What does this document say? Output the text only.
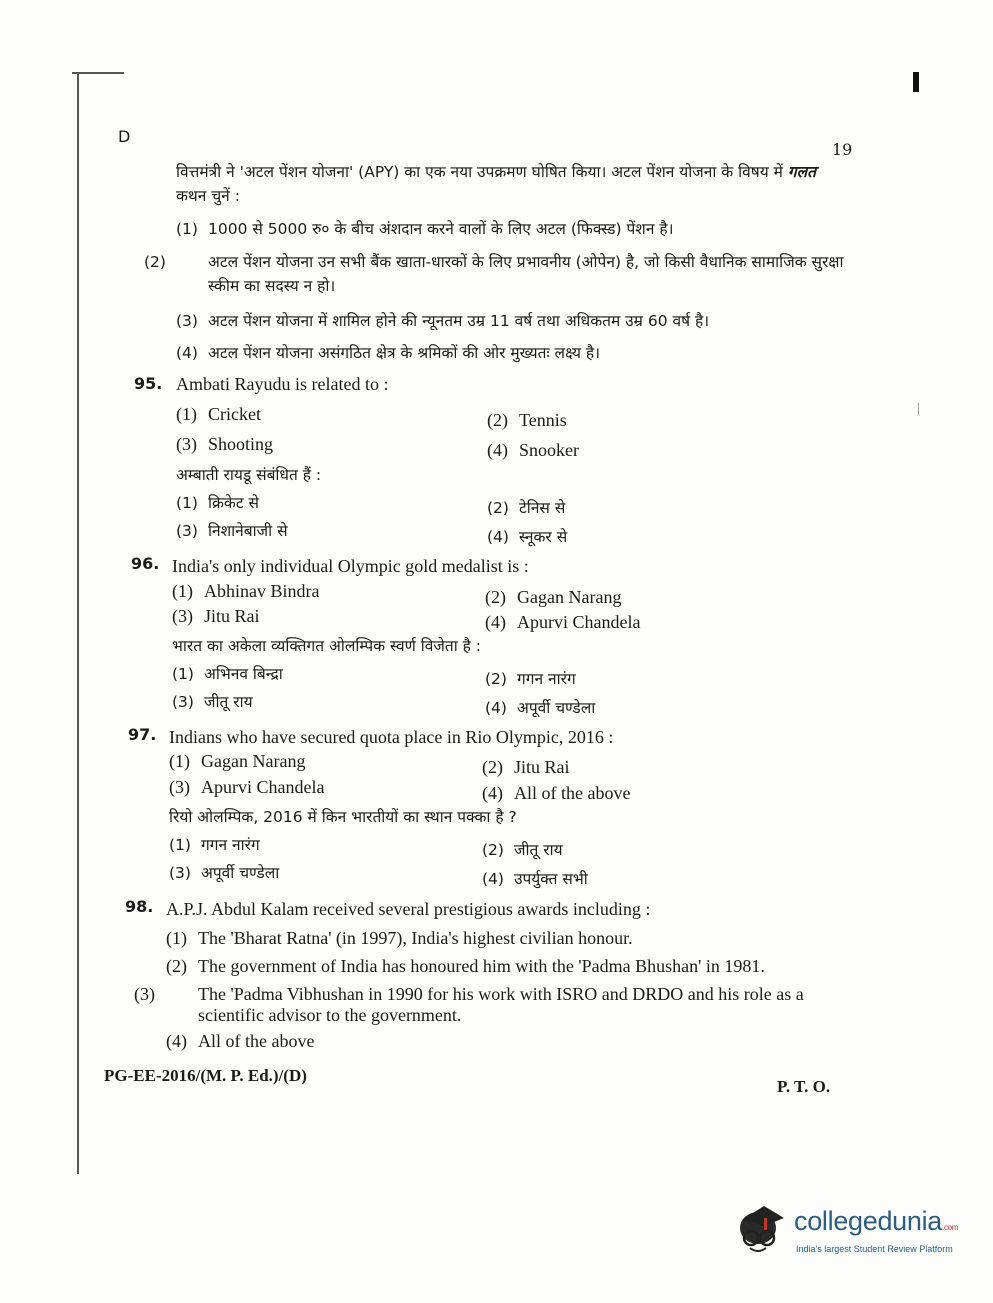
D
19
वित्तमंत्री ने 'अटल पेंशन योजना' (APY) का एक नया उपक्रमण घोषित किया। अटल पेंशन योजना के विषय में गलत कथन चुनें :
(1) 1000 से 5000 रु० के बीच अंशदान करने वालों के लिए अटल (फिक्स्ड) पेंशन है।
(2)	अटल पेंशन योजना उन सभी बैंक खाता-धारकों के लिए प्रभावनीय (ओपेन) है, जो किसी वैधानिक सामाजिक सुरक्षा स्कीम का सदस्य न हो।
(3) अटल पेंशन योजना में शामिल होने की न्यूनतम उम्र 11 वर्ष तथा अधिकतम उम्र 60 वर्ष है।
(4) अटल पेंशन योजना असंगठित क्षेत्र के श्रमिकों की ओर मुख्यतः लक्ष्य है।
95. Ambati Rayudu is related to :
(1) Cricket	(2) Tennis
(3) Shooting	(4) Snooker
अम्बाती रायडू संबंधित हैं :
(1) क्रिकेट से	(2) टेनिस से
(3) निशानेबाजी से	(4) स्नूकर से
96. India's only individual Olympic gold medalist is :
(1) Abhinav Bindra	(2) Gagan Narang
(3) Jitu Rai	(4) Apurvi Chandela
भारत का अकेला व्यक्तिगत ओलम्पिक स्वर्ण विजेता है :
(1) अभिनव बिन्द्रा	(2) गगन नारंग
(3) जीतू राय	(4) अपूर्वी चण्डेला
97. Indians who have secured quota place in Rio Olympic, 2016 :
(1) Gagan Narang	(2) Jitu Rai
(3) Apurvi Chandela	(4) All of the above
रियो ओलम्पिक, 2016 में किन भारतीयों का स्थान पक्का है ?
(1) गगन नारंग	(2) जीतू राय
(3) अपूर्वी चण्डेला	(4) उपर्युक्त सभी
98. A.P.J. Abdul Kalam received several prestigious awards including :
(1) The 'Bharat Ratna' (in 1997), India's highest civilian honour.
(2) The government of India has honoured him with the 'Padma Bhushan' in 1981.
(3) The 'Padma Vibhushan in 1990 for his work with ISRO and DRDO and his role as a scientific advisor to the government.
(4) All of the above
PG-EE-2016/(M. P. Ed.)/(D)
P. T. O.
collegedunia.com
India's largest Student Review Platform
